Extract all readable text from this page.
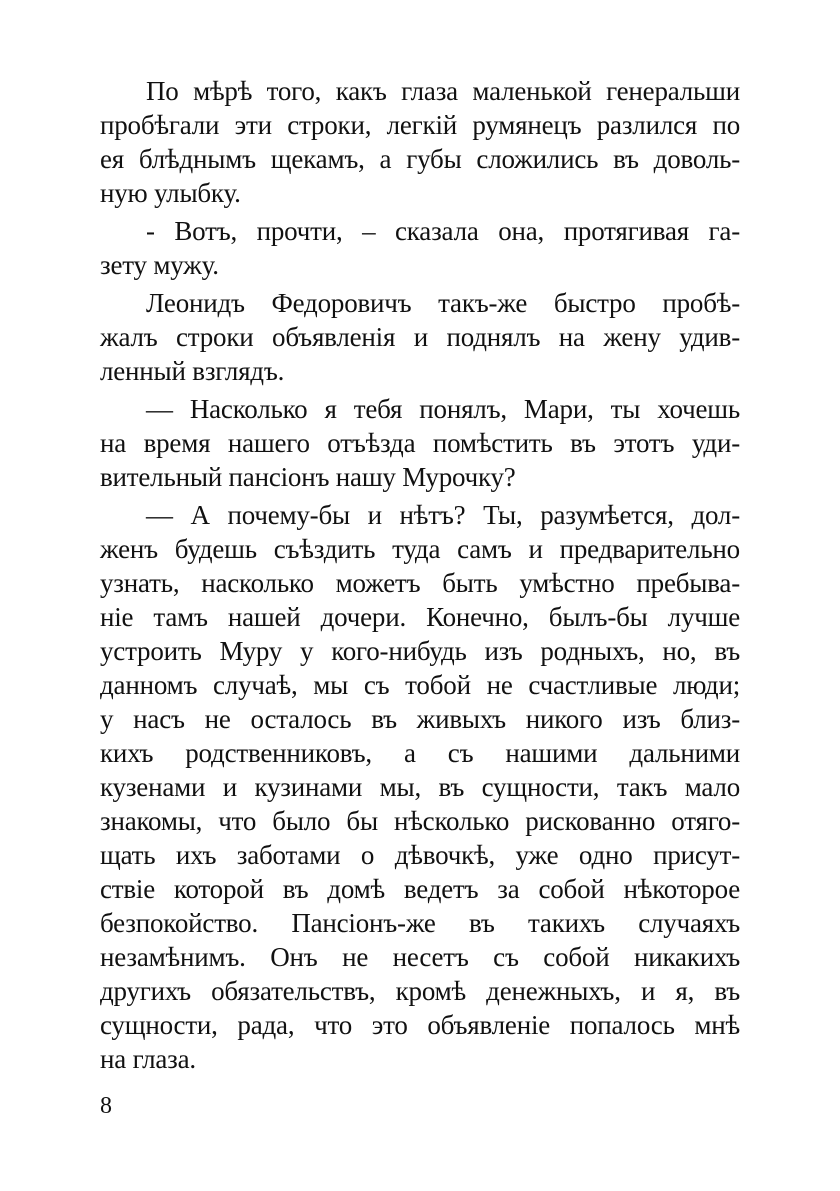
По мѣрѣ того, какъ глаза маленькой генеральши
пробѣгали эти строки, легкій румянецъ разлился по
ея блѣднымъ щекамъ, а губы сложились въ доволь-
ную улыбку.
- Вотъ, прочти, – сказала она, протягивая га-
зету мужу.
Леонидъ Федоровичъ такъ-же быстро пробѣ-
жалъ строки объявленія и поднялъ на жену удив-
ленный взглядъ.
— Насколько я тебя понялъ, Мари, ты хочешь
на время нашего отъѣзда помѣстить въ этотъ уди-
вительный пансіонъ нашу Мурочку?
— А почему-бы и нѣтъ? Ты, разумѣется, дол-
женъ будешь съѣздить туда самъ и предварительно
узнать, насколько можетъ быть умѣстно пребыва-
ніе тамъ нашей дочери. Конечно, былъ-бы лучше
устроить Муру у кого-нибудь изъ родныхъ, но, въ
данномъ случаѣ, мы съ тобой не счастливые люди;
у насъ не осталось въ живыхъ никого изъ близ-
кихъ родственниковъ, а съ нашими дальними
кузенами и кузинами мы, въ сущности, такъ мало
знакомы, что было бы нѣсколько рискованно отяго-
щать ихъ заботами о дѣвочкѣ, уже одно присут-
ствіе которой въ домѣ ведетъ за собой нѣкоторое
безпокойство. Пансіонъ-же въ такихъ случаяхъ
незамѣнимъ. Онъ не несетъ съ собой никакихъ
другихъ обязательствъ, кромѣ денежныхъ, и я, въ
сущности, рада, что это объявленіе попалось мнѣ
на глаза.
8
